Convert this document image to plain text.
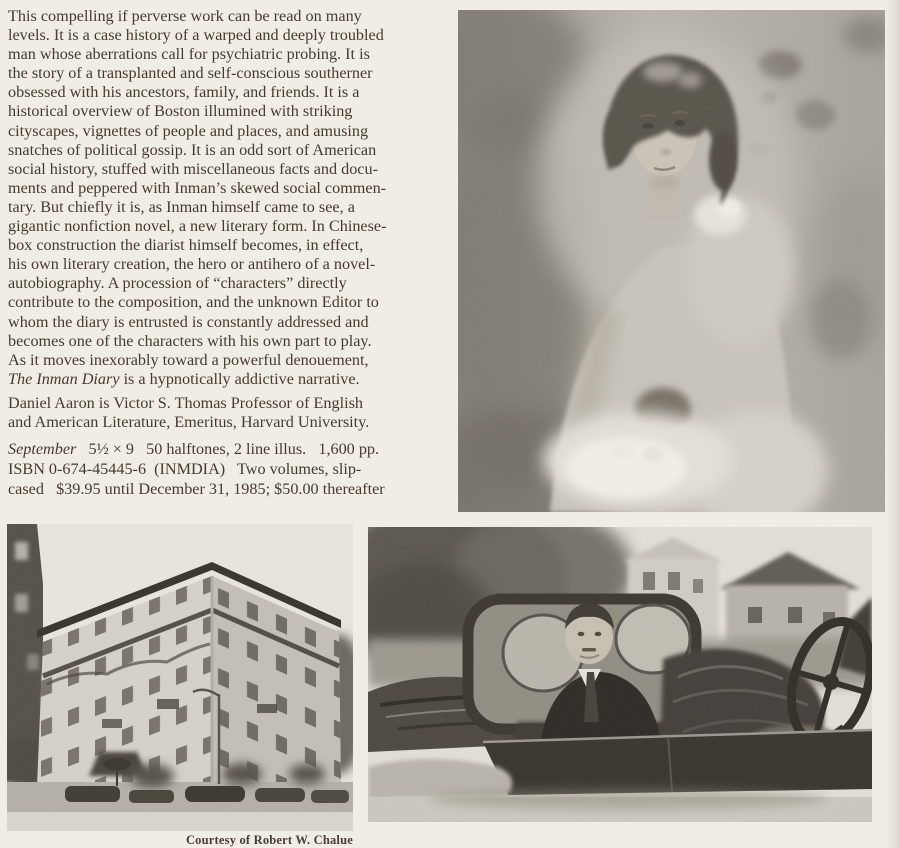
This compelling if perverse work can be read on many
levels. It is a case history of a warped and deeply troubled
man whose aberrations call for psychiatric probing. It is
the story of a transplanted and self-conscious southerner
obsessed with his ancestors, family, and friends. It is a
historical overview of Boston illumined with striking
cityscapes, vignettes of people and places, and amusing
snatches of political gossip. It is an odd sort of American
social history, stuffed with miscellaneous facts and docu-
ments and peppered with Inman’s skewed social commen-
tary. But chiefly it is, as Inman himself came to see, a
gigantic nonfiction novel, a new literary form. In Chinese-
box construction the diarist himself becomes, in effect,
his own literary creation, the hero or antihero of a novel-
autobiography. A procession of “characters” directly
contribute to the composition, and the unknown Editor to
whom the diary is entrusted is constantly addressed and
becomes one of the characters with his own part to play.
As it moves inexorably toward a powerful denouement,
The Inman Diary is a hypnotically addictive narrative.
Daniel Aaron is Victor S. Thomas Professor of English
and American Literature, Emeritus, Harvard University.
September   5½ × 9   50 halftones, 2 line illus.   1,600 pp.
ISBN 0-674-45445-6  (INMDIA)   Two volumes, slip-
cased   $39.95 until December 31, 1985; $50.00 thereafter
Courtesy of Robert W. Chalue
